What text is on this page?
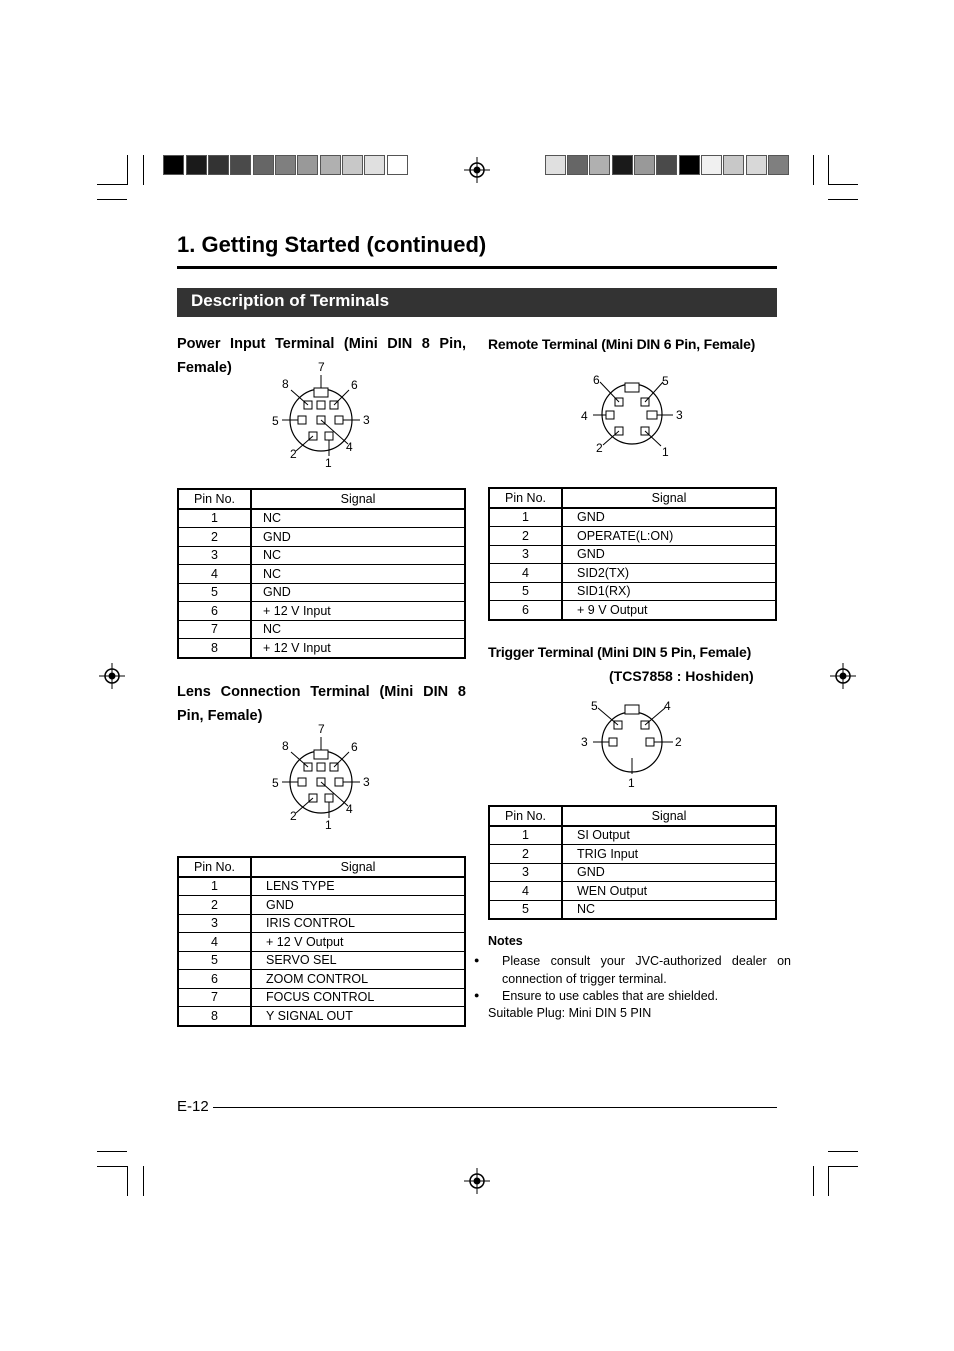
1. Getting Started (continued)
Description of Terminals
Power Input Terminal (Mini DIN 8 Pin,
Female)	7
8	6
5	3
4
2
1
Pin No.	Signal
1	NC
2	GND
3	NC
4	NC
5	GND
6	+ 12 V Input
7	NC
8	+ 12 V Input
Lens Connection Terminal (Mini DIN 8
Pin, Female)
7
8	6
5	3
4
2
1
Pin No.	Signal
1	LENS TYPE
2	GND
3	IRIS CONTROL
4	+ 12 V Output
5	SERVO SEL
6	ZOOM CONTROL
7	FOCUS CONTROL
8	Y SIGNAL OUT
Remote Terminal (Mini DIN 6 Pin, Female)
6	5
4	3
2	1
Pin No.	Signal
1	GND
2	OPERATE(L:ON)
3	GND
4	SID2(TX)
5	SID1(RX)
6	+ 9 V Output
Trigger Terminal (Mini DIN 5 Pin, Female)
(TCS7858 : Hoshiden)
5	4
3	2
1
Pin No.	Signal
1	SI Output
2	TRIG Input
3	GND
4	WEN Output
5	NC
Notes
● Please consult your JVC-authorized dealer on connection of trigger terminal.
● Ensure to use cables that are shielded.
Suitable Plug: Mini DIN 5 PIN
E-12
